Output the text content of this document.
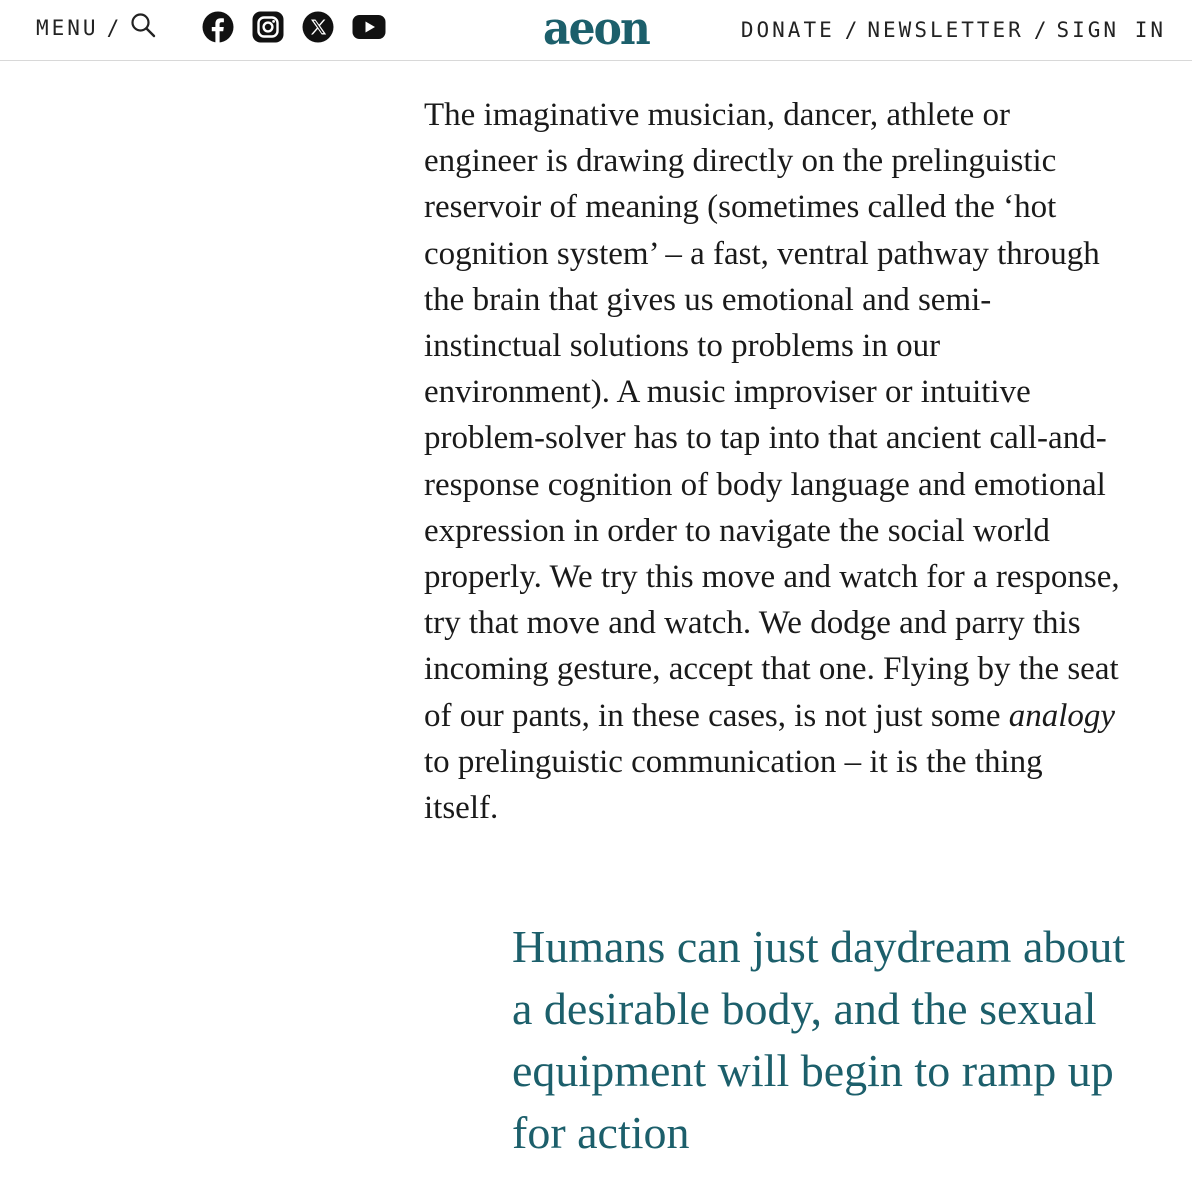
MENU /	aeon	DONATE / NEWSLETTER / SIGN IN

The imaginative musician, dancer, athlete or engineer is drawing directly on the prelinguistic reservoir of meaning (sometimes called the ‘hot cognition system’ – a fast, ventral pathway through the brain that gives us emotional and semi-instinctual solutions to problems in our environment). A music improviser or intuitive problem-solver has to tap into that ancient call-and-response cognition of body language and emotional expression in order to navigate the social world properly. We try this move and watch for a response, try that move and watch. We dodge and parry this incoming gesture, accept that one. Flying by the seat of our pants, in these cases, is not just some analogy to prelinguistic communication – it is the thing itself.

Humans can just daydream about a desirable body, and the sexual equipment will begin to ramp up for action
